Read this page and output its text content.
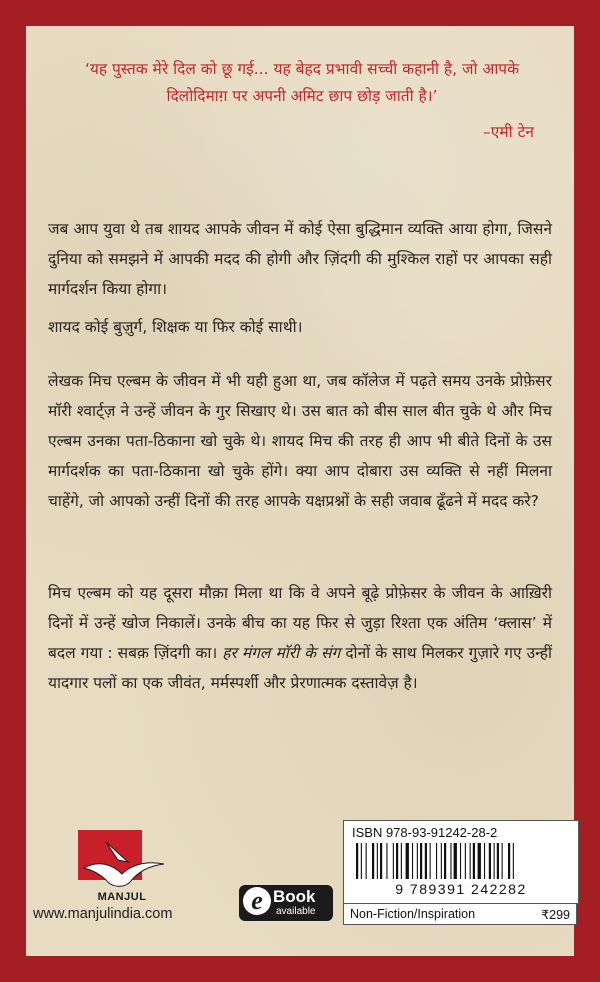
‘यह पुस्तक मेरे दिल को छू गई... यह बेहद प्रभावी सच्ची कहानी है, जो आपके दिलोदिमाग़ पर अपनी अमिट छाप छोड़ जाती है।’

–एमी टेन

जब आप युवा थे तब शायद आपके जीवन में कोई ऐसा बुद्धिमान व्यक्ति आया होगा, जिसने दुनिया को समझने में आपकी मदद की होगी और ज़िंदगी की मुश्किल राहों पर आपका सही मार्गदर्शन किया होगा।

शायद कोई बुज़ुर्ग, शिक्षक या फिर कोई साथी।

लेखक मिच एल्बम के जीवन में भी यही हुआ था, जब कॉलेज में पढ़ते समय उनके प्रोफ़ेसर मॉरी श्वार्ट्ज़ ने उन्हें जीवन के गुर सिखाए थे। उस बात को बीस साल बीत चुके थे और मिच एल्बम उनका पता-ठिकाना खो चुके थे। शायद मिच की तरह ही आप भी बीते दिनों के उस मार्गदर्शक का पता-ठिकाना खो चुके होंगे। क्या आप दोबारा उस व्यक्ति से नहीं मिलना चाहेंगे, जो आपको उन्हीं दिनों की तरह आपके यक्षप्रश्नों के सही जवाब ढूँढने में मदद करे?

मिच एल्बम को यह दूसरा मौक़ा मिला था कि वे अपने बूढ़े प्रोफ़ेसर के जीवन के आख़िरी दिनों में उन्हें खोज निकालें। उनके बीच का यह फिर से जुड़ा रिश्ता एक अंतिम ‘क्लास’ में बदल गया : सबक़ ज़िंदगी का। हर मंगल मॉरी के संग दोनों के साथ मिलकर गुज़ारे गए उन्हीं यादगार पलों का एक जीवंत, मर्मस्पर्शी और प्रेरणात्मक दस्तावेज़ है।

MANJUL
www.manjulindia.com	e Book
available

ISBN 978-93-91242-28-2

9 789391 242282
Non-Fiction/Inspiration	₹299
